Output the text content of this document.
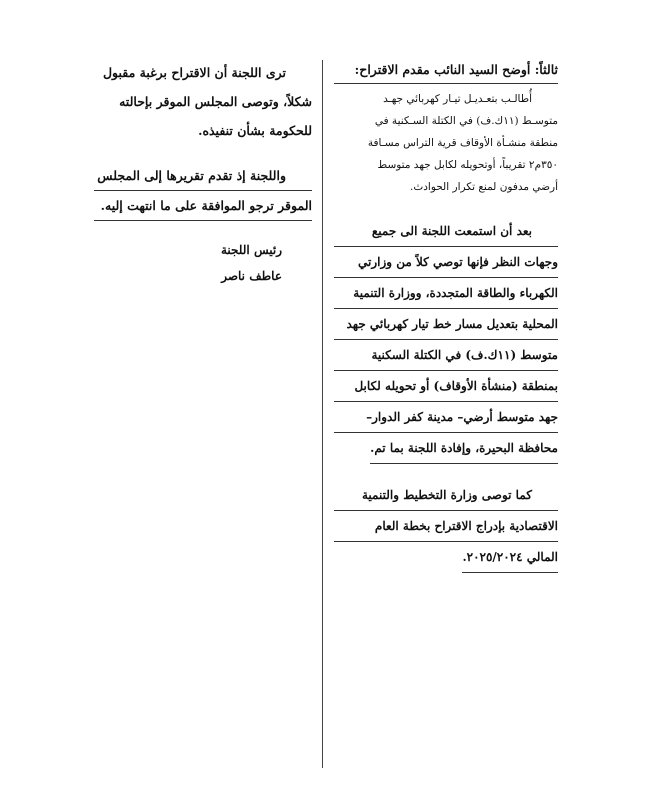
ثالثاً: أوضح السيد النائب مقدم الاقتراح:

أُطالـب بتعـديـل تيـار كهربائي جهـد
متوسـط (١١ك.ف) في الكتلة السـكنية في
منطقة منشـأة الأوقاف قرية التراس مسـافة
٣٥٠م٢ تقريباً، أوتحويله لكابل جهد متوسط
أرضي مدفون لمنع تكرار الحوادث.

بعد أن استمعت اللجنة الى جميع
وجهات النظر فإنها توصي كلاً من وزارتي
الكهرباء والطاقة المتجددة، ووزارة التنمية
المحلية بتعديل مسار خط تيار كهربائي جهد
متوسط (١١ك.ف) في الكتلة السكنية
بمنطقة (منشأة الأوقاف) أو تحويله لكابل
جهد متوسط أرضي– مدينة كفر الدوار–
محافظة البحيرة، وإفادة اللجنة بما تم.

كما توصى وزارة التخطيط والتنمية
الاقتصادية بإدراج الاقتراح بخطة العام
المالي ٢٠٢٥/٢٠٢٤.

ترى اللجنة أن الاقتراح برغبة مقبول
شكلاً، وتوصى المجلس الموقر بإحالته
للحكومة بشأن تنفيذه.

واللجنة إذ تقدم تقريرها إلى المجلس
الموقر ترجو الموافقة على ما انتهت إليه.

رئيس اللجنة

عاطف ناصر
